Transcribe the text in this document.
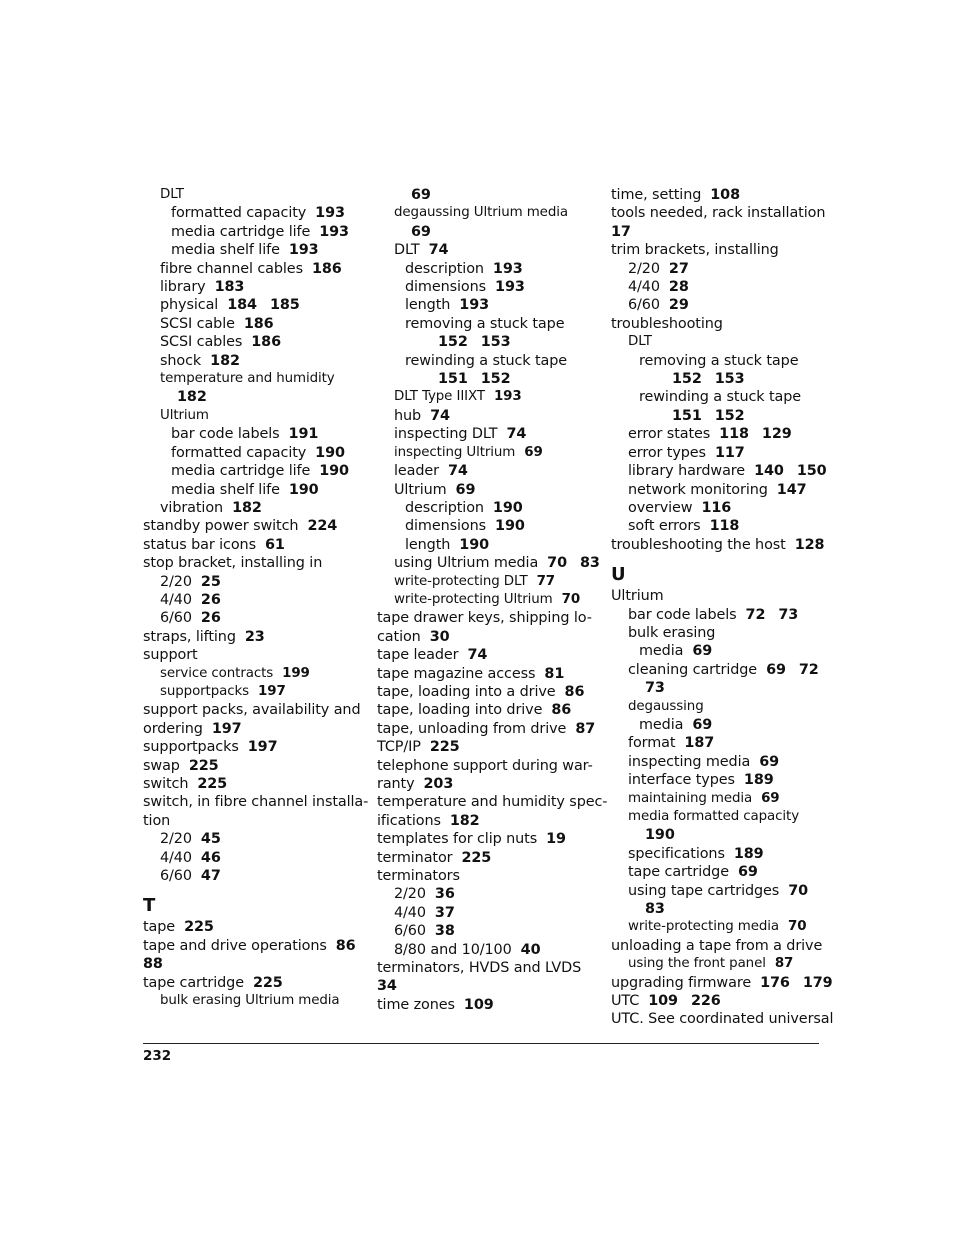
DLT
formatted capacity 193
media cartridge life 193
media shelf life 193
fibre channel cables 186
library 183
physical 184 185
SCSI cable 186
SCSI cables 186
shock 182
temperature and humidity
182
Ultrium
bar code labels 191
formatted capacity 190
media cartridge life 190
media shelf life 190
vibration 182
standby power switch 224
status bar icons 61
stop bracket, installing in
2/20 25
4/40 26
6/60 26
straps, lifting 23
support
service contracts 199
supportpacks 197
support packs, availability and
ordering 197
supportpacks 197
swap 225
switch 225
switch, in fibre channel installa-
tion
2/20 45
4/40 46
6/60 47
T
tape 225
tape and drive operations 86
88
tape cartridge 225
bulk erasing Ultrium media
69
degaussing Ultrium media
69
DLT 74
description 193
dimensions 193
length 193
removing a stuck tape
152 153
rewinding a stuck tape
151 152
DLT Type IIIXT 193
hub 74
inspecting DLT 74
inspecting Ultrium 69
leader 74
Ultrium 69
description 190
dimensions 190
length 190
using Ultrium media 70 83
write-protecting DLT 77
write-protecting Ultrium 70
tape drawer keys, shipping lo-
cation 30
tape leader 74
tape magazine access 81
tape, loading into a drive 86
tape, loading into drive 86
tape, unloading from drive 87
TCP/IP 225
telephone support during war-
ranty 203
temperature and humidity spec-
ifications 182
templates for clip nuts 19
terminator 225
terminators
2/20 36
4/40 37
6/60 38
8/80 and 10/100 40
terminators, HVDS and LVDS
34
time zones 109
time, setting 108
tools needed, rack installation
17
trim brackets, installing
2/20 27
4/40 28
6/60 29
troubleshooting
DLT
removing a stuck tape
152 153
rewinding a stuck tape
151 152
error states 118 129
error types 117
library hardware 140 150
network monitoring 147
overview 116
soft errors 118
troubleshooting the host 128
U
Ultrium
bar code labels 72 73
bulk erasing
media 69
cleaning cartridge 69 72
73
degaussing
media 69
format 187
inspecting media 69
interface types 189
maintaining media 69
media formatted capacity
190
specifications 189
tape cartridge 69
using tape cartridges 70
83
write-protecting media 70
unloading a tape from a drive
using the front panel 87
upgrading firmware 176 179
UTC 109 226
UTC. See coordinated universal
232
